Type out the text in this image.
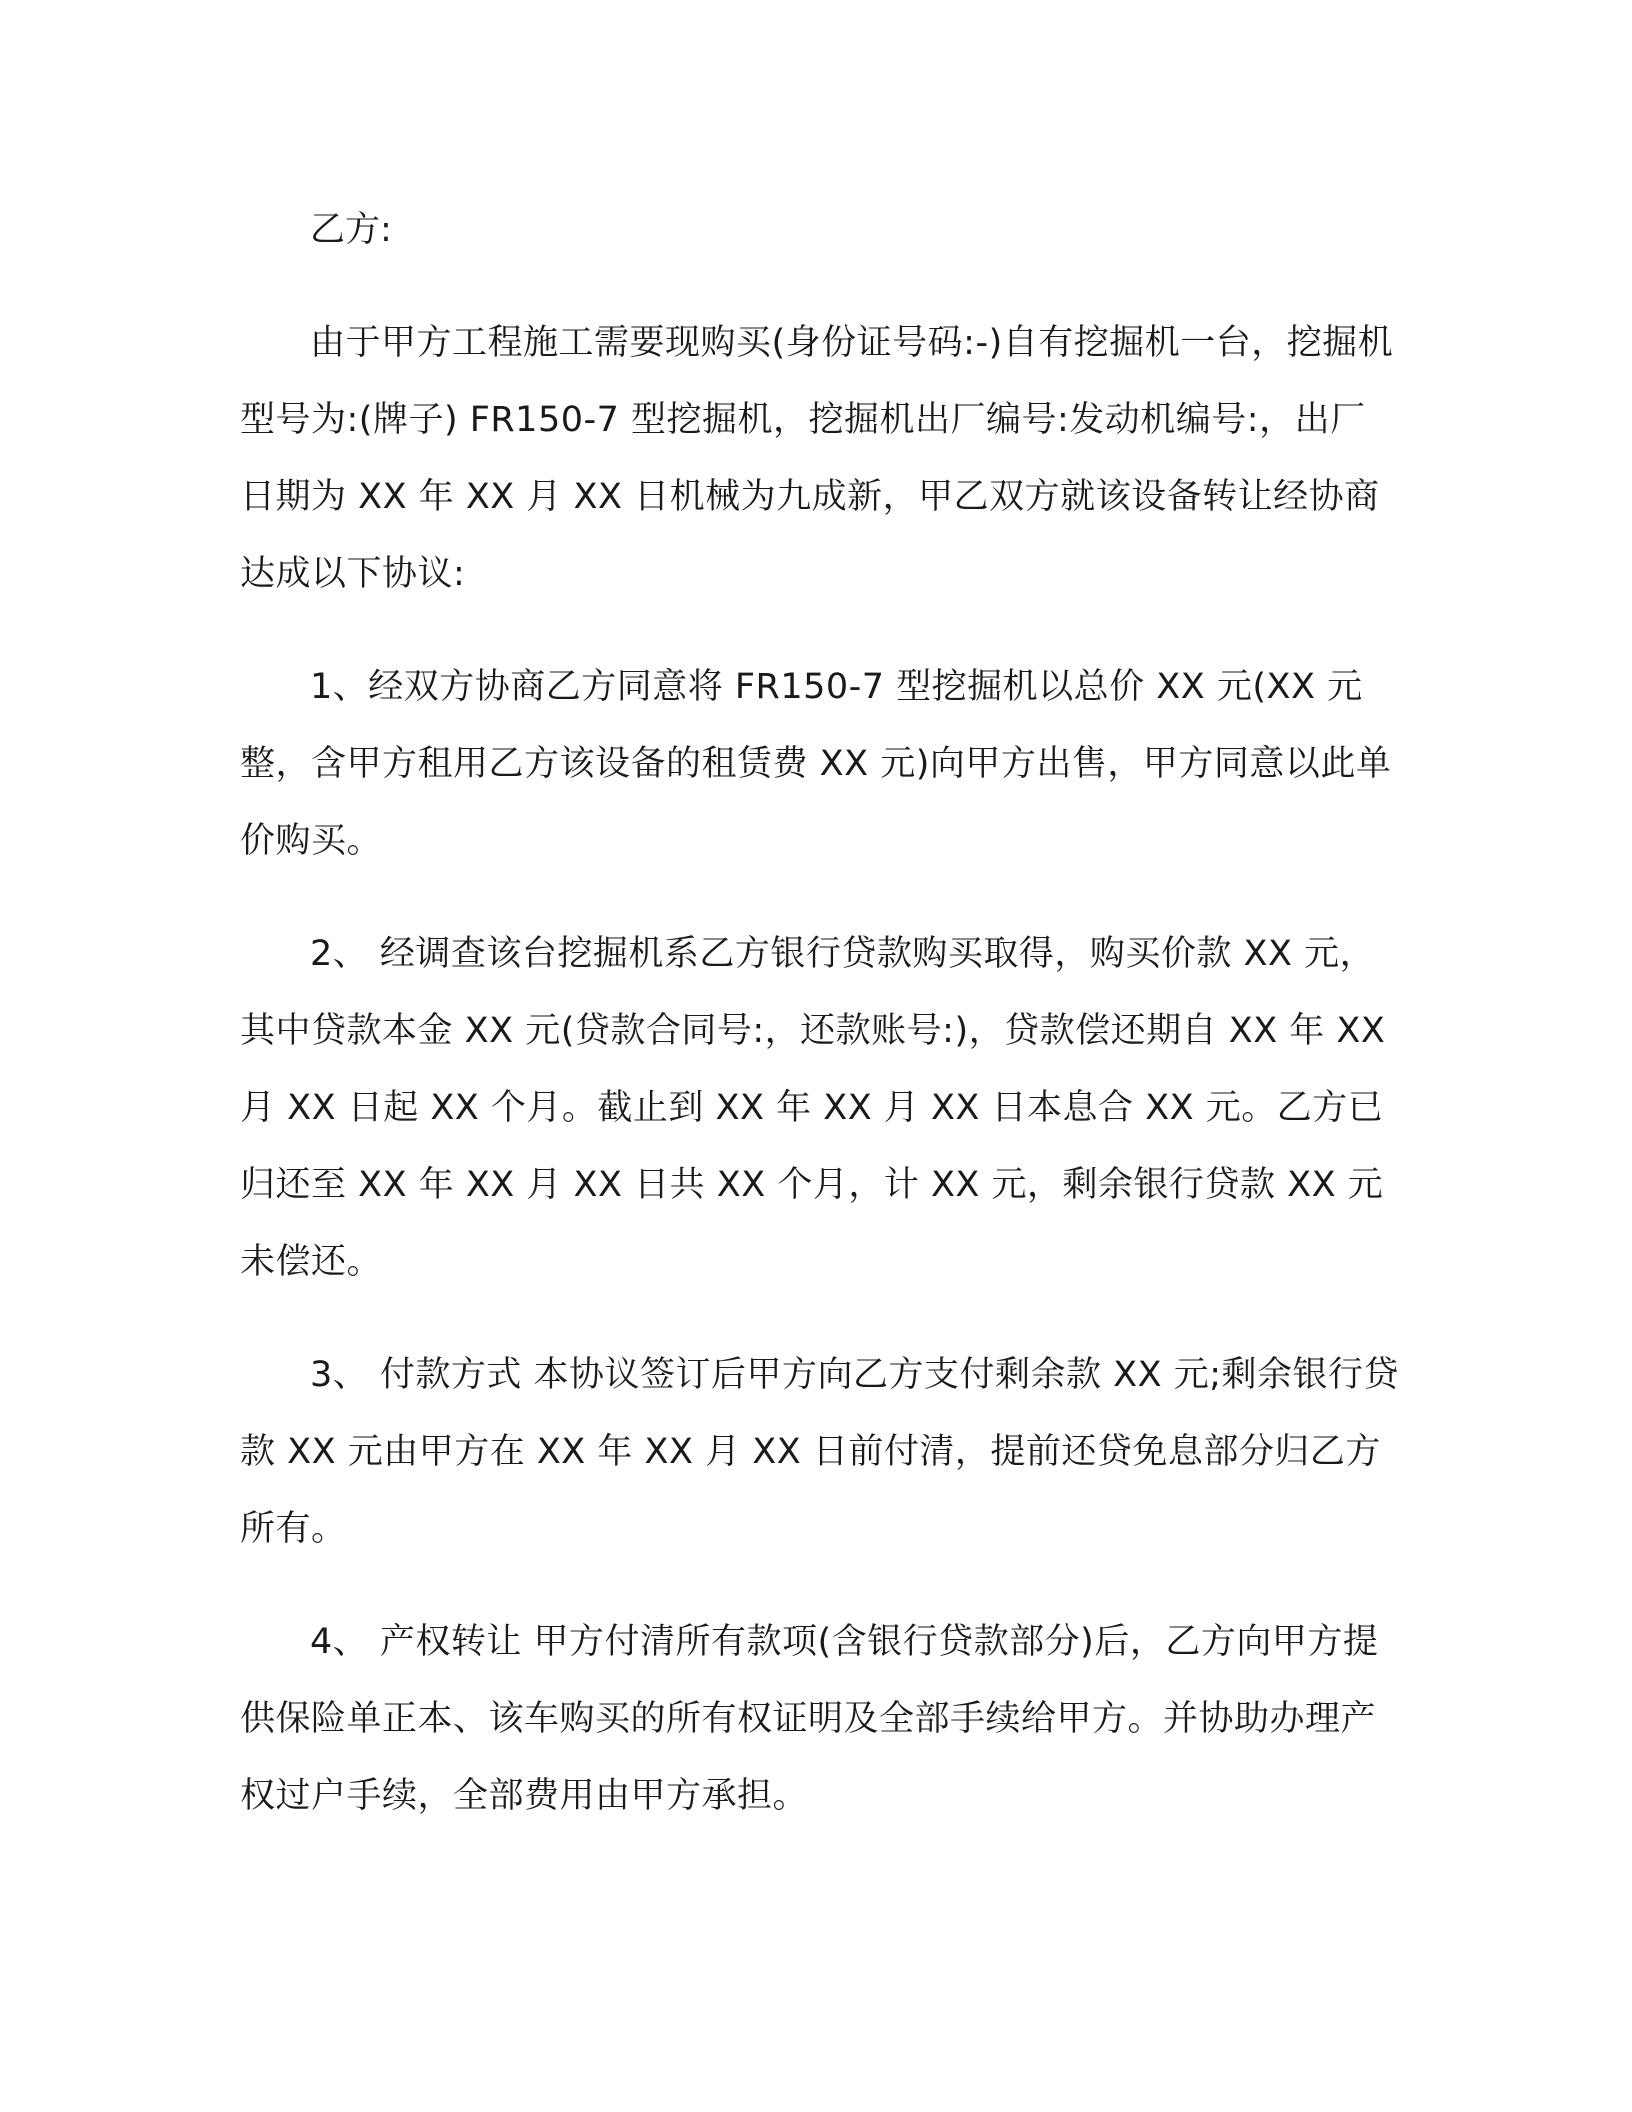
乙方:

由于甲方工程施工需要现购买(身份证号码:-)自有挖掘机一台，挖掘机型号为:(牌子) FR150-7 型挖掘机，挖掘机出厂编号:发动机编号:，出厂日期为 XX 年 XX 月 XX 日机械为九成新，甲乙双方就该设备转让经协商达成以下协议:

1、经双方协商乙方同意将 FR150-7 型挖掘机以总价 XX 元(XX 元整，含甲方租用乙方该设备的租赁费 XX 元)向甲方出售，甲方同意以此单价购买。

2、 经调查该台挖掘机系乙方银行贷款购买取得，购买价款 XX 元，其中贷款本金 XX 元(贷款合同号:，还款账号:)，贷款偿还期自 XX 年 XX 月 XX 日起 XX 个月。截止到 XX 年 XX 月 XX 日本息合 XX 元。乙方已归还至 XX 年 XX 月 XX 日共 XX 个月，计 XX 元，剩余银行贷款 XX 元未偿还。

3、 付款方式 本协议签订后甲方向乙方支付剩余款 XX 元;剩余银行贷款 XX 元由甲方在 XX 年 XX 月 XX 日前付清，提前还贷免息部分归乙方所有。

4、 产权转让 甲方付清所有款项(含银行贷款部分)后，乙方向甲方提供保险单正本、该车购买的所有权证明及全部手续给甲方。并协助办理产权过户手续，全部费用由甲方承担。
